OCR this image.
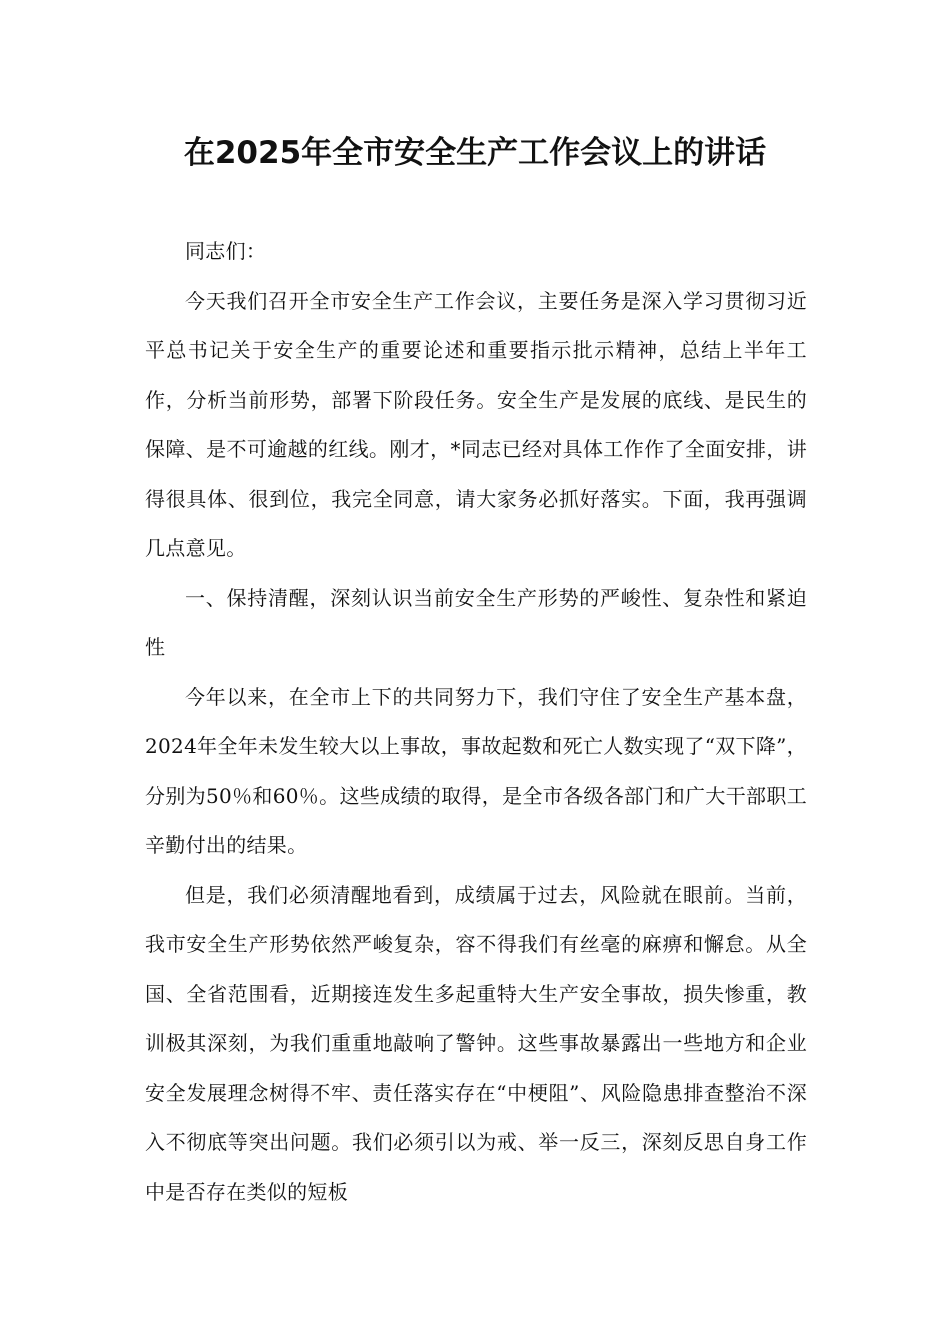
在2025年全市安全生产工作会议上的讲话

同志们：

今天我们召开全市安全生产工作会议，主要任务是深入学习贯彻习近平总书记关于安全生产的重要论述和重要指示批示精神，总结上半年工作，分析当前形势，部署下阶段任务。安全生产是发展的底线、是民生的保障、是不可逾越的红线。刚才，*同志已经对具体工作作了全面安排，讲得很具体、很到位，我完全同意，请大家务必抓好落实。下面，我再强调几点意见。

一、保持清醒，深刻认识当前安全生产形势的严峻性、复杂性和紧迫性

今年以来，在全市上下的共同努力下，我们守住了安全生产基本盘，2024年全年未发生较大以上事故，事故起数和死亡人数实现了“双下降”，分别为50％和60％。这些成绩的取得，是全市各级各部门和广大干部职工辛勤付出的结果。

但是，我们必须清醒地看到，成绩属于过去，风险就在眼前。当前，我市安全生产形势依然严峻复杂，容不得我们有丝毫的麻痹和懈怠。从全国、全省范围看，近期接连发生多起重特大生产安全事故，损失惨重，教训极其深刻，为我们重重地敲响了警钟。这些事故暴露出一些地方和企业安全发展理念树得不牢、责任落实存在“中梗阻”、风险隐患排查整治不深入不彻底等突出问题。我们必须引以为戒、举一反三，深刻反思自身工作中是否存在类似的短板
